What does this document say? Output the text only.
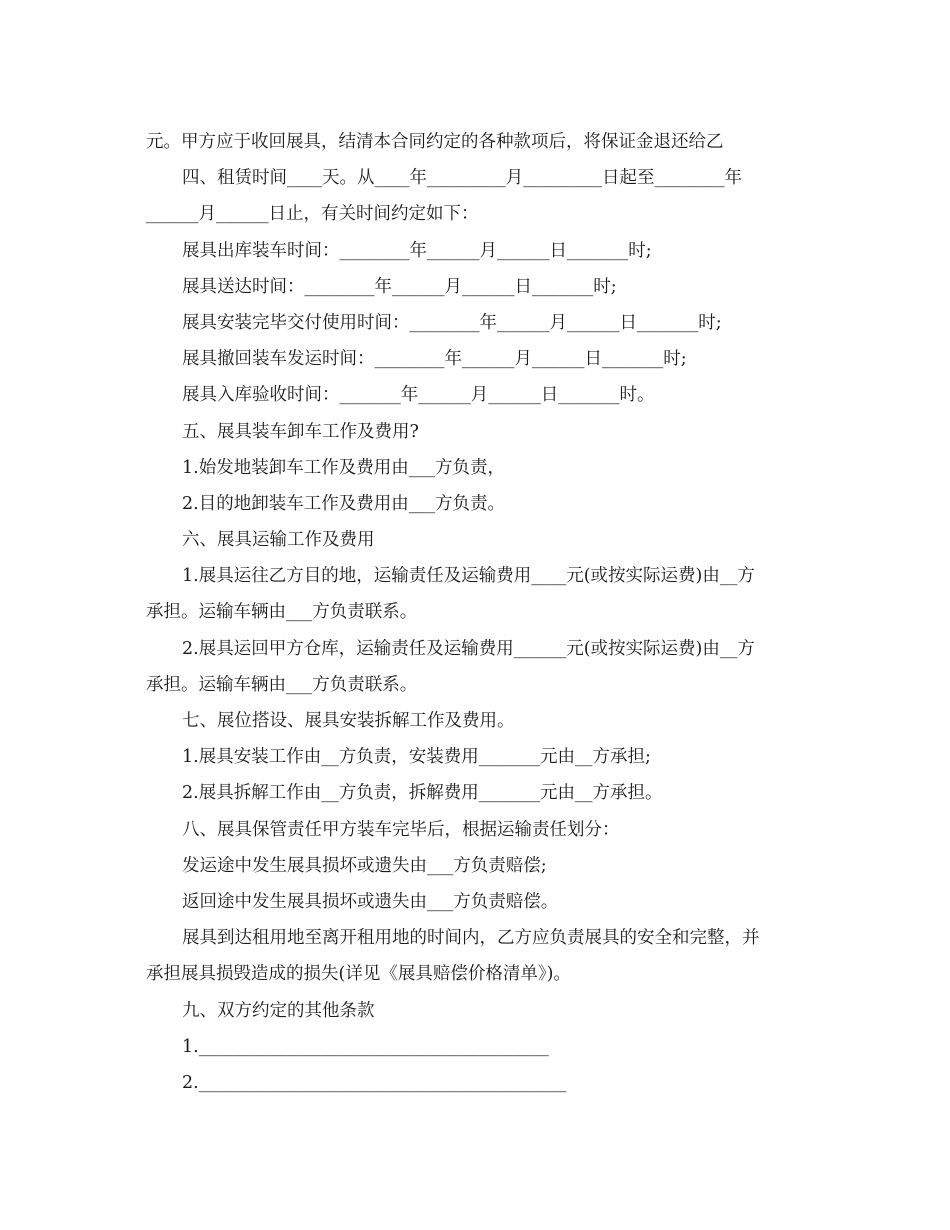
元。甲方应于收回展具，结清本合同约定的各种款项后，将保证金退还给乙
四、租赁时间____天。从____年_________月_________日起至________年
______月______日止，有关时间约定如下：
展具出库装车时间：________年______月______日_______时;
展具送达时间：________年______月______日_______时;
展具安装完毕交付使用时间：________年______月______日_______时;
展具撤回装车发运时间：________年______月______日_______时;
展具入库验收时间：_______年______月______日_______时。
五、展具装车卸车工作及费用?
1.始发地装卸车工作及费用由___方负责，
2.目的地卸装车工作及费用由___方负责。
六、展具运输工作及费用
1.展具运往乙方目的地，运输责任及运输费用____元(或按实际运费)由__方
承担。运输车辆由___方负责联系。
2.展具运回甲方仓库，运输责任及运输费用______元(或按实际运费)由__方
承担。运输车辆由___方负责联系。
七、展位搭设、展具安装拆解工作及费用。
1.展具安装工作由__方负责，安装费用_______元由__方承担;
2.展具拆解工作由__方负责，拆解费用_______元由__方承担。
八、展具保管责任甲方装车完毕后，根据运输责任划分：
发运途中发生展具损坏或遗失由___方负责赔偿;
返回途中发生展具损坏或遗失由___方负责赔偿。
展具到达租用地至离开租用地的时间内，乙方应负责展具的安全和完整，并
承担展具损毁造成的损失(详见《展具赔偿价格清单》)。
九、双方约定的其他条款
1.________________________________________
2.__________________________________________
